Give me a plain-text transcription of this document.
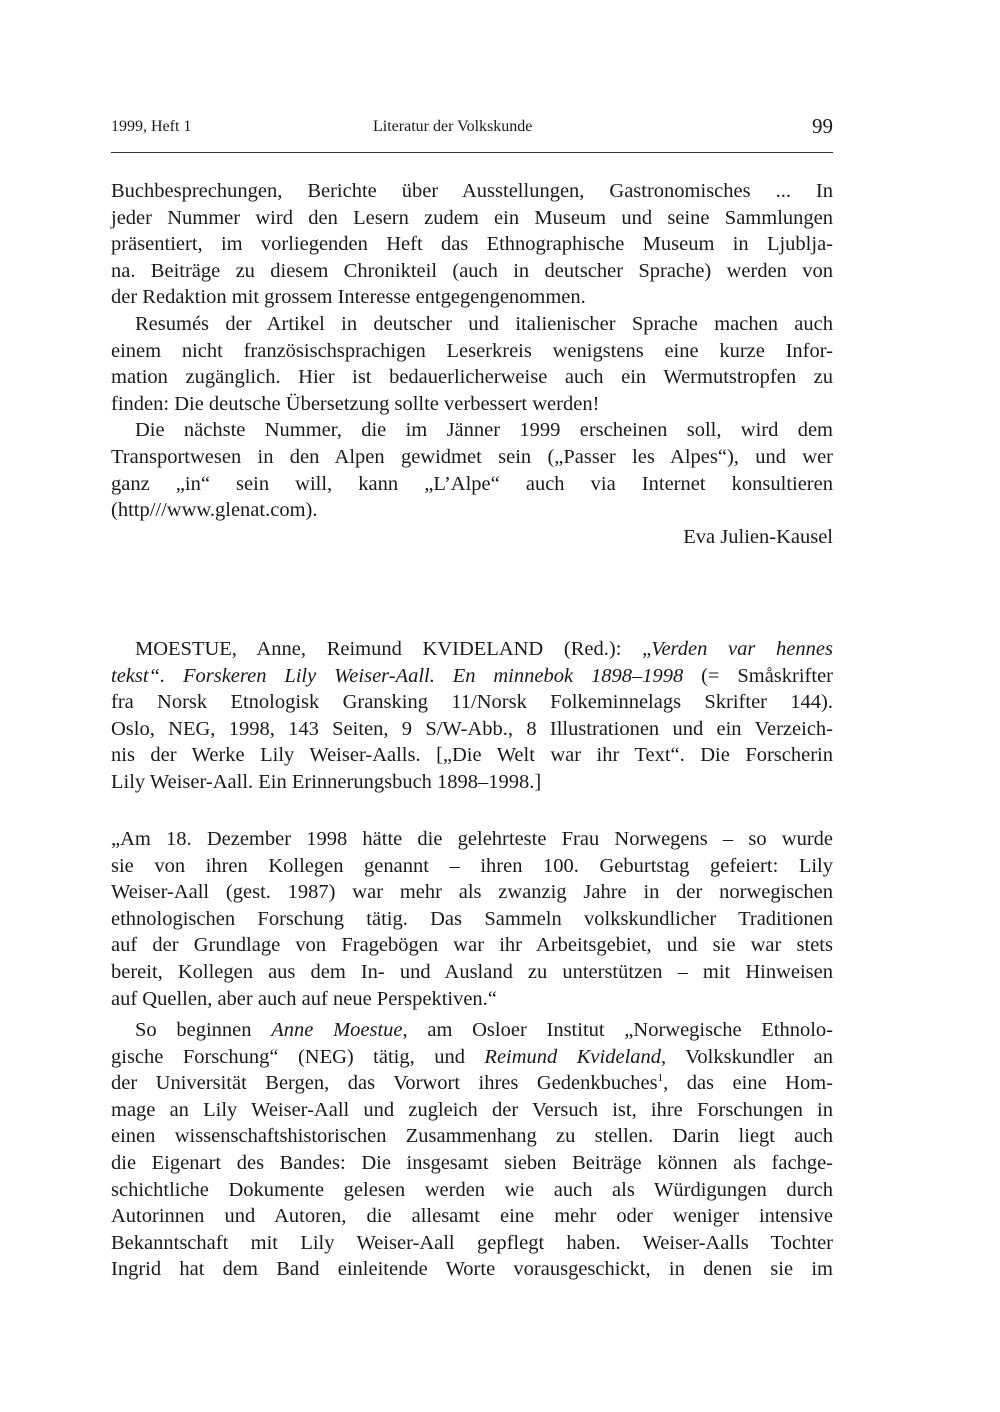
1999, Heft 1	Literatur der Volkskunde	99
Buchbesprechungen, Berichte über Ausstellungen, Gastronomisches ... In
jeder Nummer wird den Lesern zudem ein Museum und seine Sammlungen
präsentiert, im vorliegenden Heft das Ethnographische Museum in Ljublja-
na. Beiträge zu diesem Chronikteil (auch in deutscher Sprache) werden von
der Redaktion mit grossem Interesse entgegengenommen.
Resumés der Artikel in deutscher und italienischer Sprache machen auch
einem nicht französischsprachigen Leserkreis wenigstens eine kurze Infor-
mation zugänglich. Hier ist bedauerlicherweise auch ein Wermutstropfen zu
finden: Die deutsche Übersetzung sollte verbessert werden!
Die nächste Nummer, die im Jänner 1999 erscheinen soll, wird dem
Transportwesen in den Alpen gewidmet sein („Passer les Alpes“), und wer
ganz „in“ sein will, kann „L’Alpe“ auch via Internet konsultieren
(http///www.glenat.com).
Eva Julien-Kausel
MOESTUE, Anne, Reimund KVIDELAND (Red.): „Verden var hennes
tekst“. Forskeren Lily Weiser-Aall. En minnebok 1898–1998 (= Småskrifter
fra Norsk Etnologisk Gransking 11/Norsk Folkeminnelags Skrifter 144).
Oslo, NEG, 1998, 143 Seiten, 9 S/W-Abb., 8 Illustrationen und ein Verzeich-
nis der Werke Lily Weiser-Aalls. [„Die Welt war ihr Text“. Die Forscherin
Lily Weiser-Aall. Ein Erinnerungsbuch 1898–1998.]
„Am 18. Dezember 1998 hätte die gelehrteste Frau Norwegens – so wurde
sie von ihren Kollegen genannt – ihren 100. Geburtstag gefeiert: Lily
Weiser-Aall (gest. 1987) war mehr als zwanzig Jahre in der norwegischen
ethnologischen Forschung tätig. Das Sammeln volkskundlicher Traditionen
auf der Grundlage von Fragebögen war ihr Arbeitsgebiet, und sie war stets
bereit, Kollegen aus dem In- und Ausland zu unterstützen – mit Hinweisen
auf Quellen, aber auch auf neue Perspektiven.“
So beginnen Anne Moestue, am Osloer Institut „Norwegische Ethnolo-
gische Forschung“ (NEG) tätig, und Reimund Kvideland, Volkskundler an
der Universität Bergen, das Vorwort ihres Gedenkbuches$^1$, das eine Hom-
mage an Lily Weiser-Aall und zugleich der Versuch ist, ihre Forschungen in
einen wissenschaftshistorischen Zusammenhang zu stellen. Darin liegt auch
die Eigenart des Bandes: Die insgesamt sieben Beiträge können als fachge-
schichtliche Dokumente gelesen werden wie auch als Würdigungen durch
Autorinnen und Autoren, die allesamt eine mehr oder weniger intensive
Bekanntschaft mit Lily Weiser-Aall gepflegt haben. Weiser-Aalls Tochter
Ingrid hat dem Band einleitende Worte vorausgeschickt, in denen sie im
